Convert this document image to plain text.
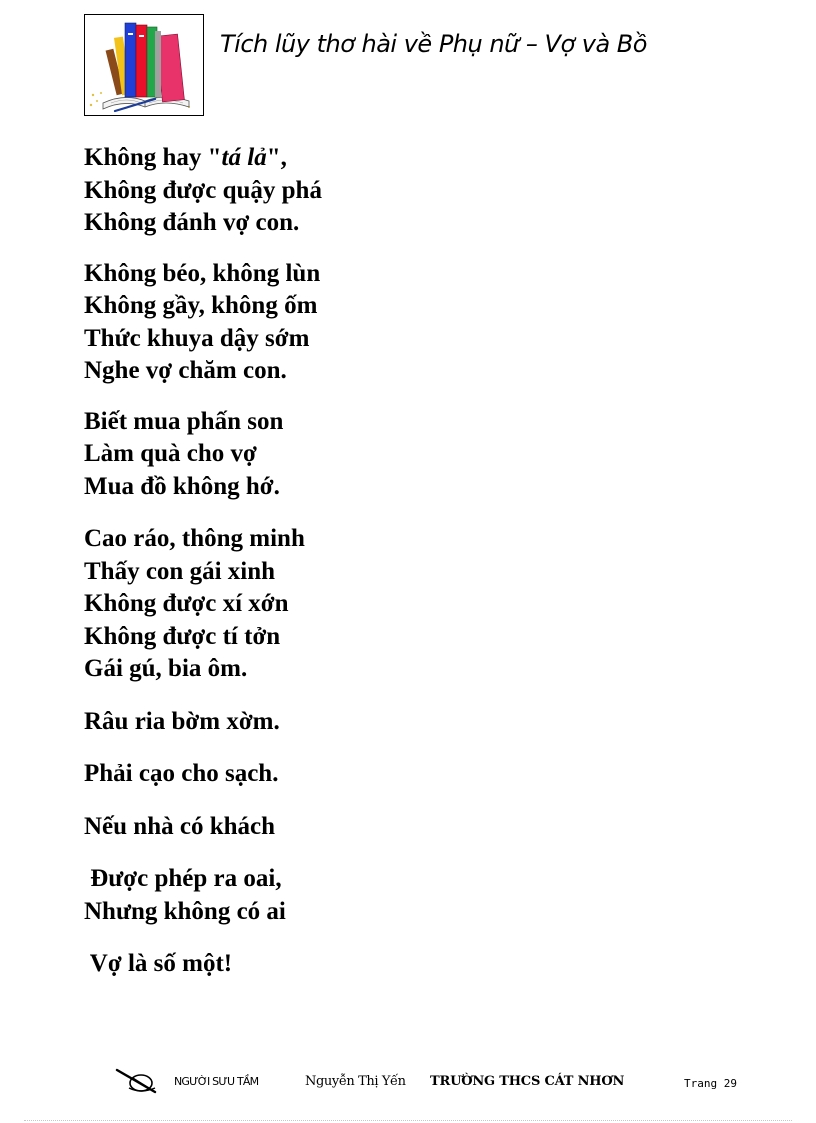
Tích lũy thơ hài về Phụ nữ – Vợ và Bồ

Không hay "tá lả",
Không được quậy phá
Không đánh vợ con.

Không béo, không lùn
Không gầy, không ốm
Thức khuya dậy sớm
Nghe vợ chăm con.

Biết mua phấn son
Làm quà cho vợ
Mua đồ không hớ.

Cao ráo, thông minh
Thấy con gái xinh
Không được xí xớn
Không được tí tởn
Gái gú, bia ôm.

Râu ria bờm xờm.

Phải cạo cho sạch.

Nếu nhà có khách

Được phép ra oai,
Nhưng không có ai

Vợ là số một!

NGƯỜI SƯU TẦM	Nguyễn Thị Yến TRƯỜNG THCS CÁT NHƠN	Trang 29
